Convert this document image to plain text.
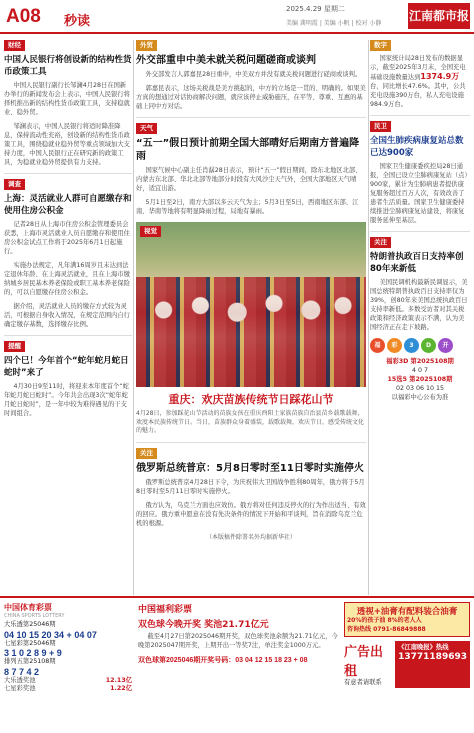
A08 秒读
2025.4.29 星期二
美编 龚明霞 | 美编 小帆 | 校对 小静
江南都市报
财经
中国人民银行将创设新的结构性货币政策工具
中国人民银行副行长邹澜4月28日在国新办举行的新闻发布会上表示，中国人民银行将择机推出新的结构性货币政策工具，支持稳就业、稳外贸。
邹澜表示，中国人民银行将适时降准降息，保持流动性充裕，创设新的结构性货币政策工具，围绕稳就业稳外贸等重点领域加大支持力度，中国人民银行正在研究新的政策工具，为稳就业稳外贸提供有力支持。
调查
上海：灵活就业人群可自愿缴存和使用住房公积金
记者28日从上海市住房公积金管理委员会获悉，上海市灵活就业人员自愿缴存和使用住房公积金试点工作将于2025年6月1日起施行。
实施办法规定，凡年满16周岁且未达到法定退休年龄、在上海灵活就业，且在上海市缴纳城乡居民基本养老保险或职工基本养老保险的，可以自愿缴存住房公积金。
据介绍，灵活就业人员的缴存方式较为灵活，可根据自身收入情况，在规定范围内自行确定缴存基数，选择缴存比例。
提醒
四个巳！今年首个“蛇年蛇月蛇日蛇时”来了
4月30日9至11时，将迎来本年度首个“蛇年蛇月蛇日蛇时”。今年共会出现3次“蛇年蛇月蛇日蛇时”，是一年中较为难得遇见的干支时间组合。
外贸
外交部重申中美未就关税问题磋商或谈判
外交部发言人郭嘉昆28日重申，中美双方并没有就关税问题进行磋商或谈判。
郭嘉昆表示，这场关税战是美方挑起的，中方的立场是一贯的、明确的。如果美方真的想通过对话协商解决问题，就应该停止威胁施压，在平等、尊重、互惠的基础上同中方对话。
天气
“五一”假日预计前期全国大部晴好后期南方普遍降雨
国家气候中心副主任肖潺28日表示，预计“五一”假日期间，除东北地区北部、内蒙古东北部、华北北部等地部分时段有大风沙尘天气外，全国大部地区天气晴好，适宜出游。
5月1日至2日，南方大部以多云天气为主；5月3日至5日，西南地区东部、江南、华南等地将有明显降雨过程，局地有暴雨。
视觉
重庆：欢庆苗族传统节日踩花山节
4月28日，参加踩花山节活动的苗族女孩在重庆酉阳土家族苗族自治县苗乡载歌载舞，欢度本民族传统节日。当日，苗族群众身着盛装，载歌载舞，欢庆节日，感受传统文化的魅力。
关注
俄罗斯总统普京：5月8日零时至11日零时实施停火
俄罗斯总统普京4月28日下令，为庆祝伟大卫国战争胜利80周年，俄方将于5月8日零时至5月11日零时实施停火。
俄方认为，乌克兰方面也应效仿。俄方将对任何违反停火的行为作出适当、有效的回应。俄方重申愿意在没有先决条件的情况下开始和平谈判，旨在消除乌克兰危机的根源。
（本版稿件除署名外均据新华社）
数字
国家统计局28日发布的数据显示，截至2025年3月末，全国充电基础设施数量达到1374.9万台，同比增长47.6%。其中，公共充电设施390万台，私人充电设施984.9万台。
民卫
全国生肺疾病康复站总数已达900家
国家卫生健康委疾控局28日通报，全国已设立尘肺病康复站（点）900家，累计为尘肺病患者提供康复服务超过百万人次，有效改善了患者生活质量。国家卫生健康委持续推进尘肺病康复站建设，将康复服务延伸至基层。
关注
特朗普执政百日支持率创80年来新低
美国民调机构最新民调显示，美国总统特朗普执政百日支持率仅为39%，创80年来美国总统执政百日支持率新低。多数受访者对其关税政策和经济政策表示不满，认为美国经济正在走下坡路。
福	彩	3	D	开
福彩3D 第2025108期
4 0 7
15选5 第2025108期
02 03 06 10 15
以福彩中心公布为准
中国体育彩票
CHINA SPORTS LOTTERY
大乐透第25046期
04 10 15 20 34 + 04 07
七星彩第25046期
3 1 0 2 8 9 + 9
排列五第25108期
8 7 7 4 2
大乐透奖池	12.13亿
七星彩奖池	1.22亿
中国福利彩票
双色球今晚开奖 奖池21.71亿元
截至4月27日第2025046期开奖，双色球奖池余额为21.71亿元，今晚第2025047期开奖，上期开出一等奖7注，单注奖金1000万元。
双色球第2025046期开奖号码：03 04 12 15 18 23 + 08
透视+油膏有配料装合油膏
20%的孩子油 8%的老人人
咨询热线 0791-86849888
广告出租
有意者请联系
《江南晚报》热线
13771189693
